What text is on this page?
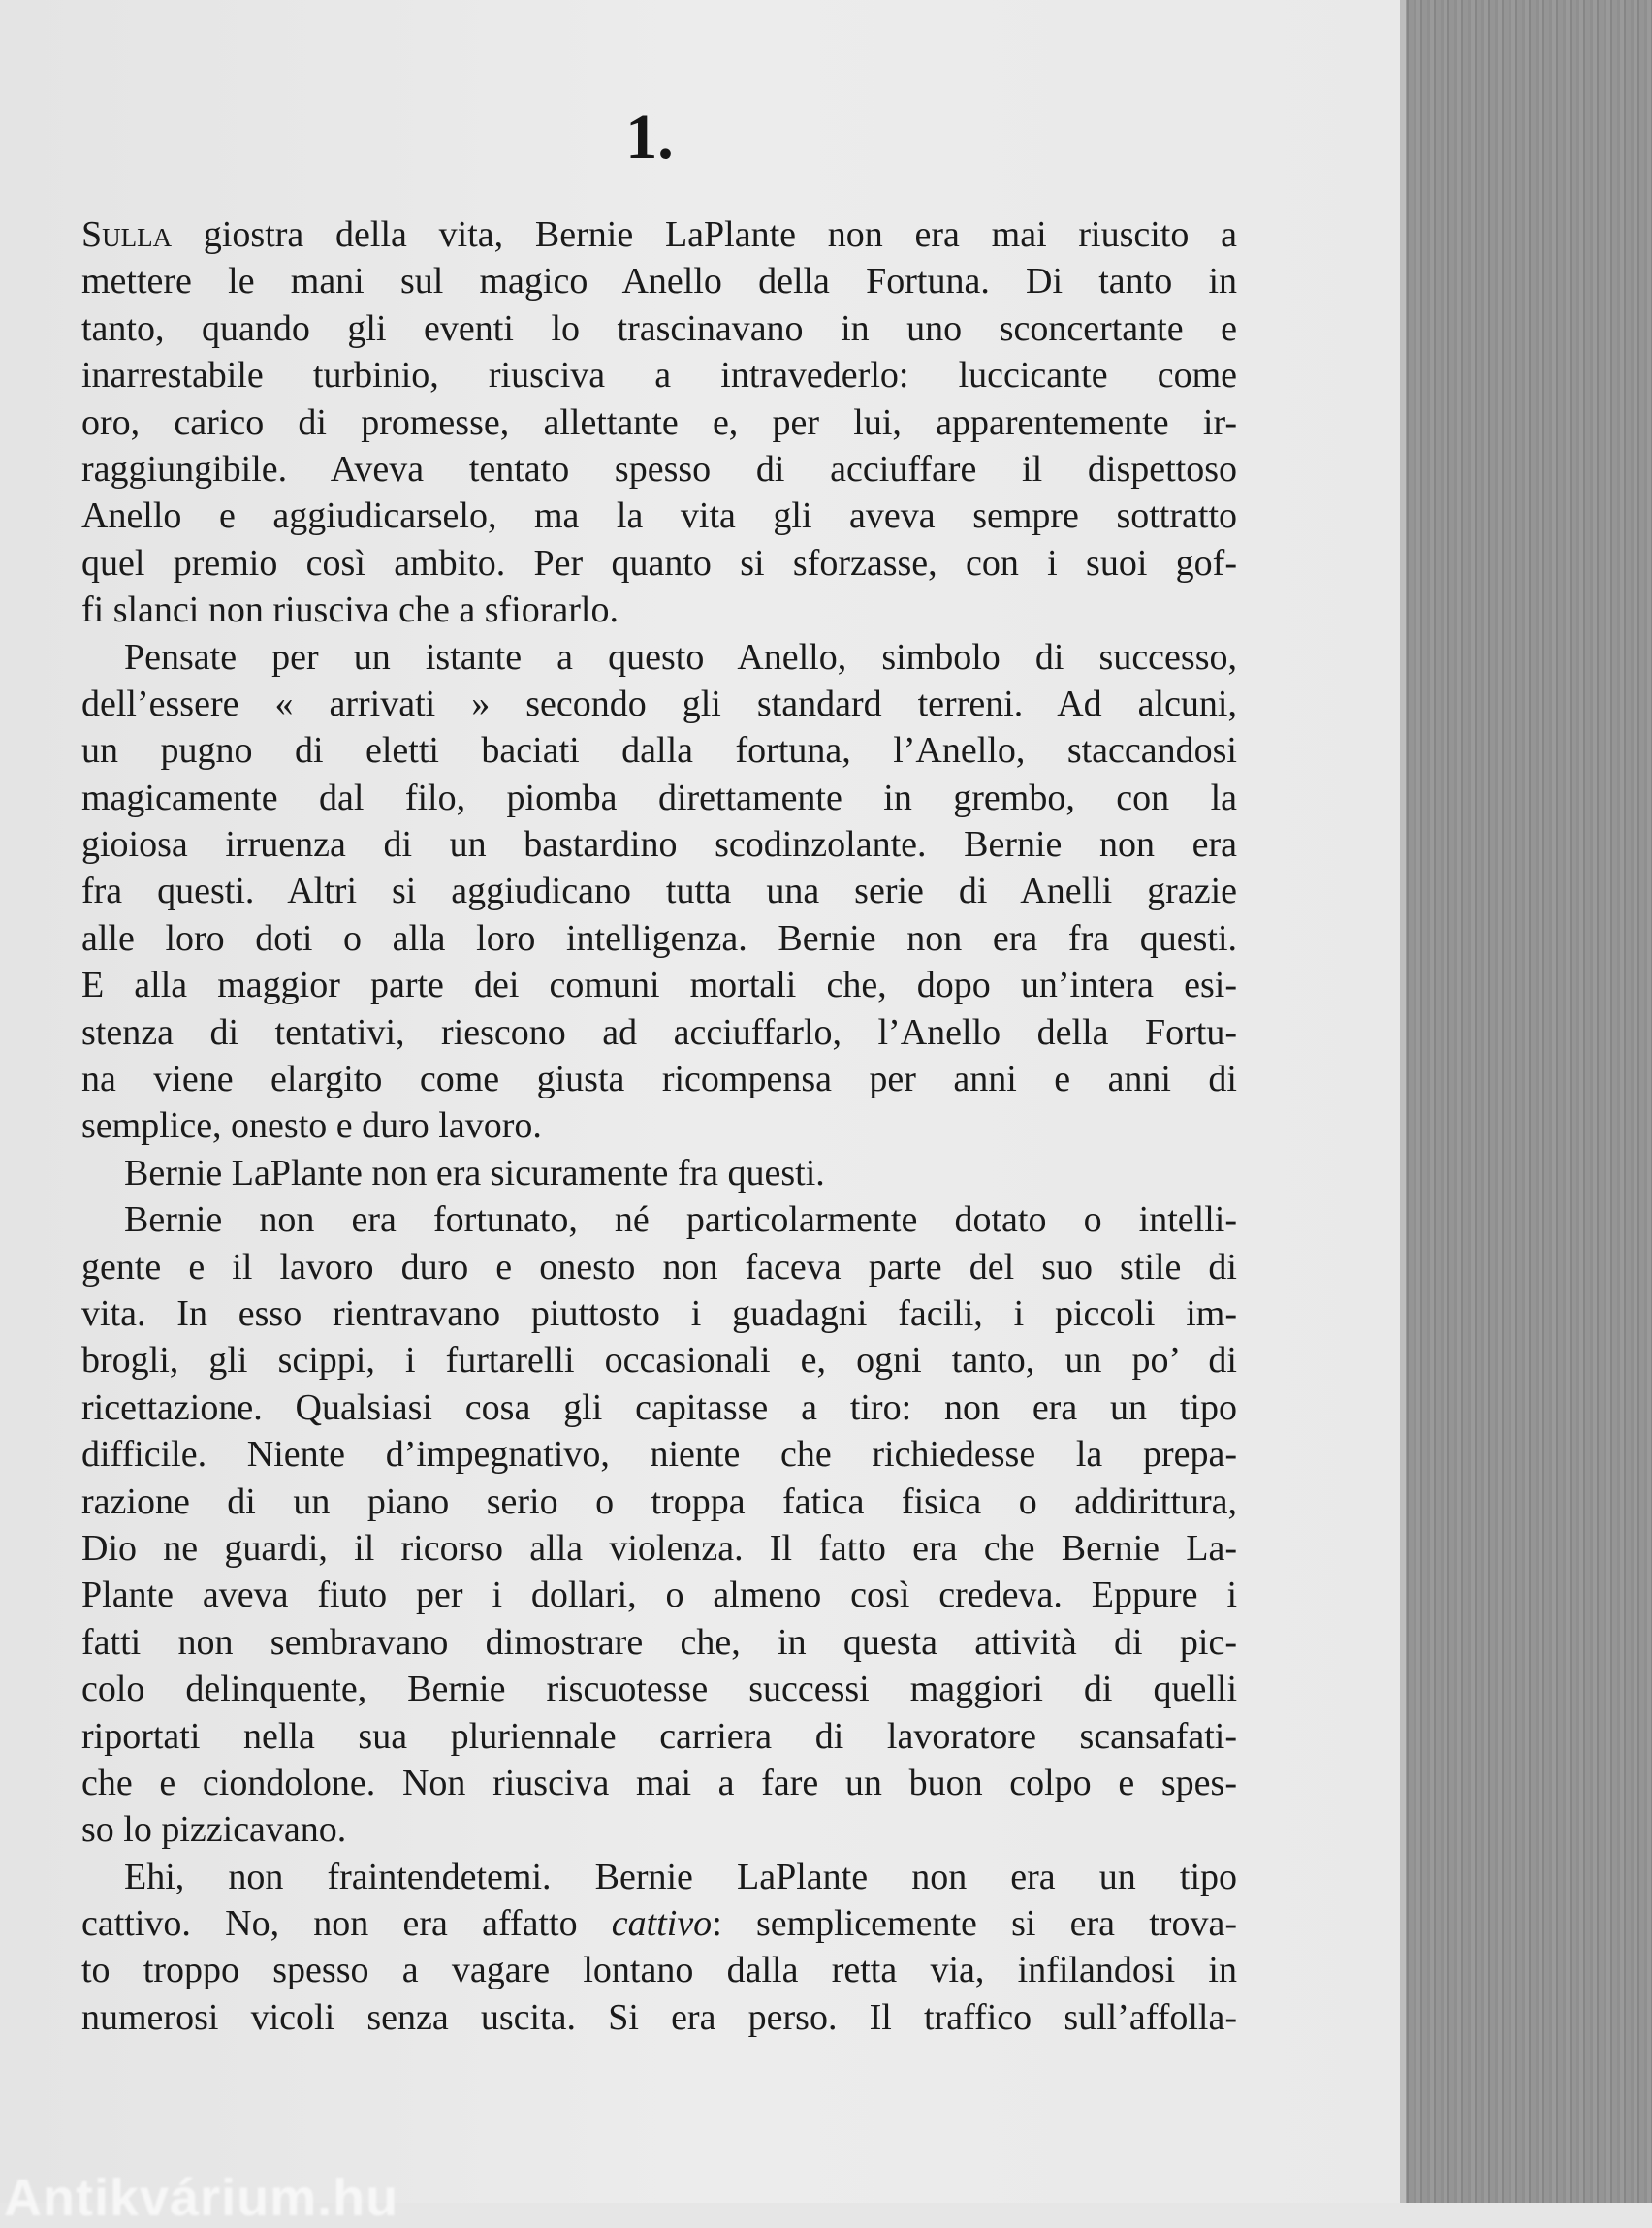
1.
Sulla giostra della vita, Bernie LaPlante non era mai riuscito a
mettere le mani sul magico Anello della Fortuna. Di tanto in
tanto, quando gli eventi lo trascinavano in uno sconcertante e
inarrestabile turbinio, riusciva a intravederlo: luccicante come
oro, carico di promesse, allettante e, per lui, apparentemente ir-
raggiungibile. Aveva tentato spesso di acciuffare il dispettoso
Anello e aggiudicarselo, ma la vita gli aveva sempre sottratto
quel premio così ambito. Per quanto si sforzasse, con i suoi gof-
fi slanci non riusciva che a sfiorarlo.
Pensate per un istante a questo Anello, simbolo di successo,
dell’essere « arrivati » secondo gli standard terreni. Ad alcuni,
un pugno di eletti baciati dalla fortuna, l’Anello, staccandosi
magicamente dal filo, piomba direttamente in grembo, con la
gioiosa irruenza di un bastardino scodinzolante. Bernie non era
fra questi. Altri si aggiudicano tutta una serie di Anelli grazie
alle loro doti o alla loro intelligenza. Bernie non era fra questi.
E alla maggior parte dei comuni mortali che, dopo un’intera esi-
stenza di tentativi, riescono ad acciuffarlo, l’Anello della Fortu-
na viene elargito come giusta ricompensa per anni e anni di
semplice, onesto e duro lavoro.
Bernie LaPlante non era sicuramente fra questi.
Bernie non era fortunato, né particolarmente dotato o intelli-
gente e il lavoro duro e onesto non faceva parte del suo stile di
vita. In esso rientravano piuttosto i guadagni facili, i piccoli im-
brogli, gli scippi, i furtarelli occasionali e, ogni tanto, un po’ di
ricettazione. Qualsiasi cosa gli capitasse a tiro: non era un tipo
difficile. Niente d’impegnativo, niente che richiedesse la prepa-
razione di un piano serio o troppa fatica fisica o addirittura,
Dio ne guardi, il ricorso alla violenza. Il fatto era che Bernie La-
Plante aveva fiuto per i dollari, o almeno così credeva. Eppure i
fatti non sembravano dimostrare che, in questa attività di pic-
colo delinquente, Bernie riscuotesse successi maggiori di quelli
riportati nella sua pluriennale carriera di lavoratore scansafati-
che e ciondolone. Non riusciva mai a fare un buon colpo e spes-
so lo pizzicavano.
Ehi, non fraintendetemi. Bernie LaPlante non era un tipo
cattivo. No, non era affatto cattivo: semplicemente si era trova-
to troppo spesso a vagare lontano dalla retta via, infilandosi in
numerosi vicoli senza uscita. Si era perso. Il traffico sull’affolla-
Antikvárium.hu
